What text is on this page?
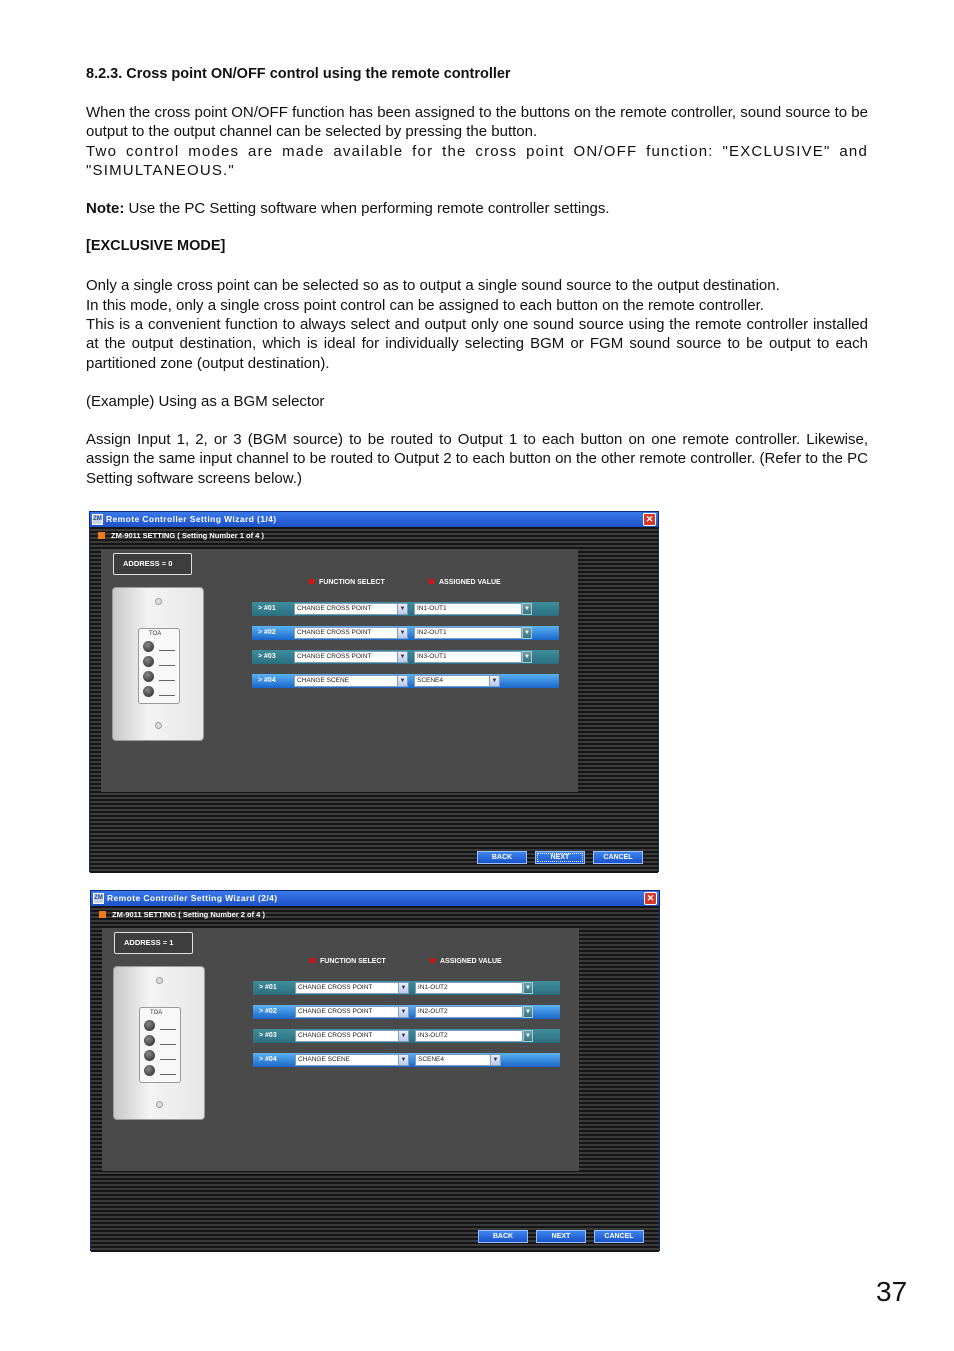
8.2.3. Cross point ON/OFF control using the remote controller
When the cross point ON/OFF function has been assigned to the buttons on the remote controller, sound source to be output to the output channel can be selected by pressing the button.
Two control modes are made available for the cross point ON/OFF function: "EXCLUSIVE" and "SIMULTANEOUS."
Note: Use the PC Setting software when performing remote controller settings.
[EXCLUSIVE MODE]
Only a single cross point can be selected so as to output a single sound source to the output destination.
In this mode, only a single cross point control can be assigned to each button on the remote controller.
This is a convenient function to always select and output only one sound source using the remote controller installed at the output destination, which is ideal for individually selecting BGM or FGM sound source to be output to each partitioned zone (output destination).
(Example) Using as a BGM selector
Assign Input 1, 2, or 3 (BGM source) to be routed to Output 1 to each button on one remote controller. Likewise, assign the same input channel to be routed to Output 2 to each button on the other remote controller. (Refer to the PC Setting software screens below.)
ZM Remote Controller Setting Wizard (1/4)	✕
ZM-9011 SETTING ( Setting Number 1 of 4 )
ADDRESS = 0
TOA
FUNCTION SELECT	ASSIGNED VALUE
> #01	CHANGE CROSS POINT	▼	IN1-OUT1	▼
> #02	CHANGE CROSS POINT	▼	IN2-OUT1	▼
> #03	CHANGE CROSS POINT	▼	IN3-OUT1	▼
> #04	CHANGE SCENE	▼	SCENE4	▼
BACK	NEXT	CANCEL
ZM Remote Controller Setting Wizard (2/4)	✕
ZM-9011 SETTING ( Setting Number 2 of 4 )
ADDRESS = 1
TOA
FUNCTION SELECT	ASSIGNED VALUE
> #01	CHANGE CROSS POINT	▼	IN1-OUT2	▼
> #02	CHANGE CROSS POINT	▼	IN2-OUT2	▼
> #03	CHANGE CROSS POINT	▼	IN3-OUT2	▼
> #04	CHANGE SCENE	▼	SCENE4	▼
BACK	NEXT	CANCEL
37
